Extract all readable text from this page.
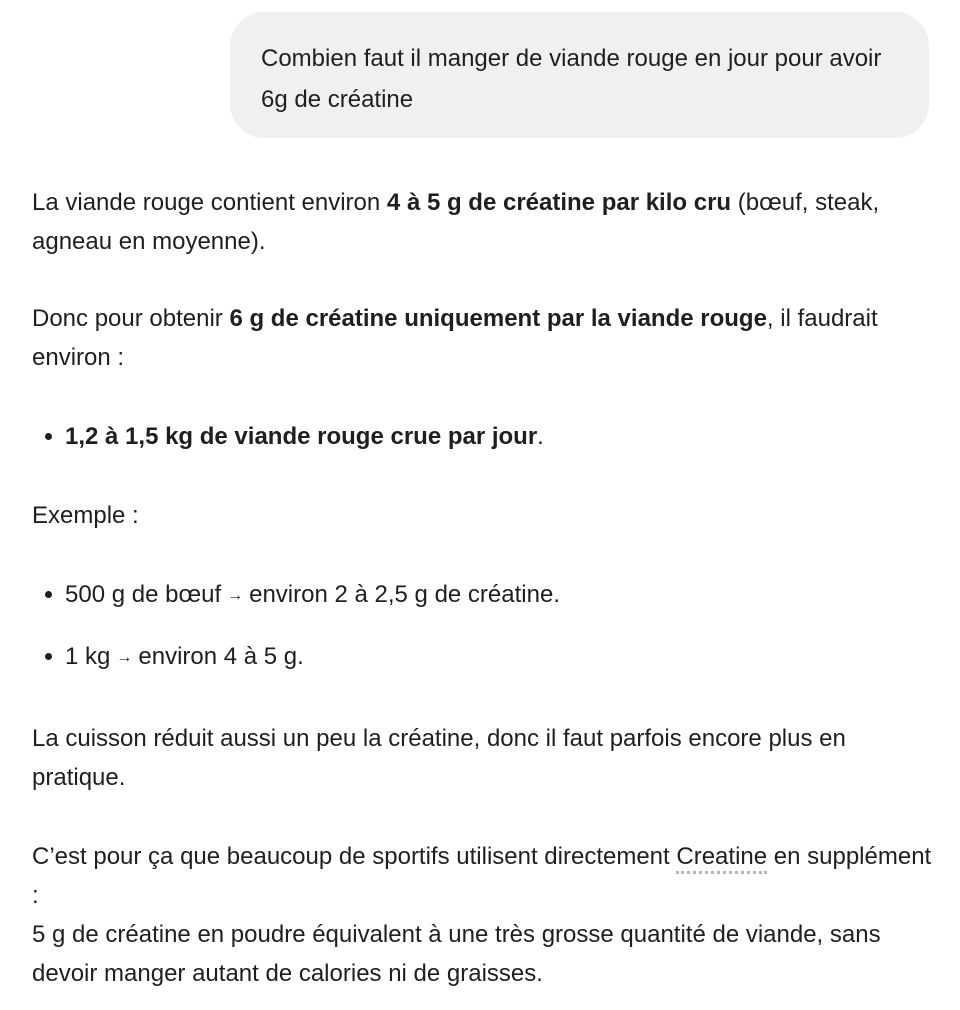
Combien faut il manger de viande rouge en jour pour avoir 6g de créatine

La viande rouge contient environ 4 à 5 g de créatine par kilo cru (bœuf, steak, agneau en moyenne).

Donc pour obtenir 6 g de créatine uniquement par la viande rouge, il faudrait environ :

1,2 à 1,5 kg de viande rouge crue par jour.

Exemple :

500 g de bœuf → environ 2 à 2,5 g de créatine.
1 kg → environ 4 à 5 g.

La cuisson réduit aussi un peu la créatine, donc il faut parfois encore plus en pratique.

C’est pour ça que beaucoup de sportifs utilisent directement Creatine en supplément :

5 g de créatine en poudre équivalent à une très grosse quantité de viande, sans devoir manger autant de calories ni de graisses.
